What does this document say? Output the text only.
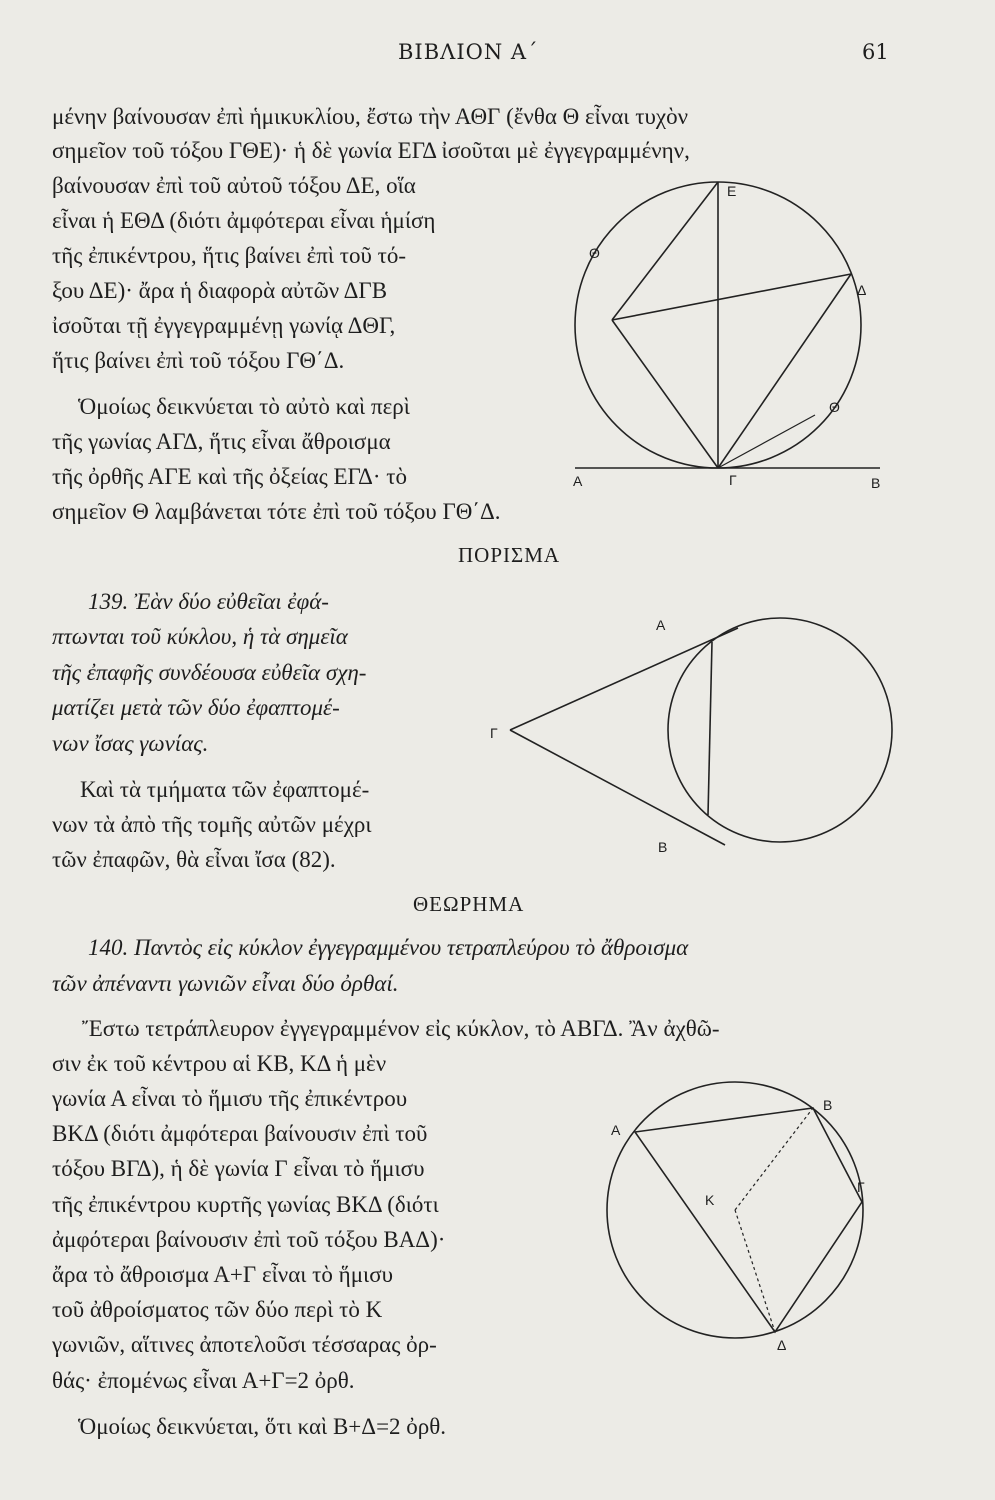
ΒΙΒΛΙΟΝ Α΄	61
μένην βαίνουσαν ἐπὶ ἡμικυκλίου, ἔστω τὴν ΑΘΓ (ἔνθα Θ εἶναι τυχὸν
σημεῖον τοῦ τόξου ΓΘΕ)· ἡ δὲ γωνία ΕΓΔ ἰσοῦται μὲ ἐγγεγραμμένην,
βαίνουσαν ἐπὶ τοῦ αὐτοῦ τόξου ΔΕ, οἵα
εἶναι ἡ ΕΘΔ (διότι ἀμφότεραι εἶναι ἡμίση
τῆς ἐπικέντρου, ἥτις βαίνει ἐπὶ τοῦ τό-
ξου ΔΕ)· ἄρα ἡ διαφορὰ αὐτῶν ΔΓΒ
ἰσοῦται τῇ ἐγγεγραμμένῃ γωνίᾳ ΔΘΓ,
ἥτις βαίνει ἐπὶ τοῦ τόξου ΓΘ΄Δ.
Ὁμοίως δεικνύεται τὸ αὐτὸ καὶ περὶ
τῆς γωνίας ΑΓΔ, ἥτις εἶναι ἄθροισμα
τῆς ὀρθῆς ΑΓΕ καὶ τῆς ὀξείας ΕΓΔ· τὸ
σημεῖον Θ λαμβάνεται τότε ἐπὶ τοῦ τόξου ΓΘ΄Δ.
ΠΟΡΙΣΜΑ
139. Ἐὰν δύο εὐθεῖαι ἐφά-
πτωνται τοῦ κύκλου, ἡ τὰ σημεῖα
τῆς ἐπαφῆς συνδέουσα εὐθεῖα σχη-
ματίζει μετὰ τῶν δύο ἐφαπτομέ-
νων ἴσας γωνίας.
Καὶ τὰ τμήματα τῶν ἐφαπτομέ-
νων τὰ ἀπὸ τῆς τομῆς αὐτῶν μέχρι
τῶν ἐπαφῶν, θὰ εἶναι ἴσα (82).
ΘΕΩΡΗΜΑ
140. Παντὸς εἰς κύκλον ἐγγεγραμμένου τετραπλεύρου τὸ ἄθροισμα
τῶν ἀπέναντι γωνιῶν εἶναι δύο ὀρθαί.
Ἔστω τετράπλευρον ἐγγεγραμμένον εἰς κύκλον, τὸ ΑΒΓΔ. Ἂν ἀχθῶ-
σιν ἐκ τοῦ κέντρου αἱ ΚΒ, ΚΔ ἡ μὲν
γωνία Α εἶναι τὸ ἥμισυ τῆς ἐπικέντρου
ΒΚΔ (διότι ἀμφότεραι βαίνουσιν ἐπὶ τοῦ
τόξου ΒΓΔ), ἡ δὲ γωνία Γ εἶναι τὸ ἥμισυ
τῆς ἐπικέντρου κυρτῆς γωνίας ΒΚΔ (διότι
ἀμφότεραι βαίνουσιν ἐπὶ τοῦ τόξου ΒΑΔ)·
ἄρα τὸ ἄθροισμα Α+Γ εἶναι τὸ ἥμισυ
τοῦ ἀθροίσματος τῶν δύο περὶ τὸ Κ
γωνιῶν, αἵτινες ἀποτελοῦσι τέσσαρας ὀρ-
θάς· ἐπομένως εἶναι Α+Γ=2 ὀρθ.
Ὁμοίως δεικνύεται, ὅτι καὶ Β+Δ=2 ὀρθ.
Ε
Θ
Δ
Θ
Α	Γ	Β
Α
Γ
Β
Β
Α
Κ
Γ
Δ
